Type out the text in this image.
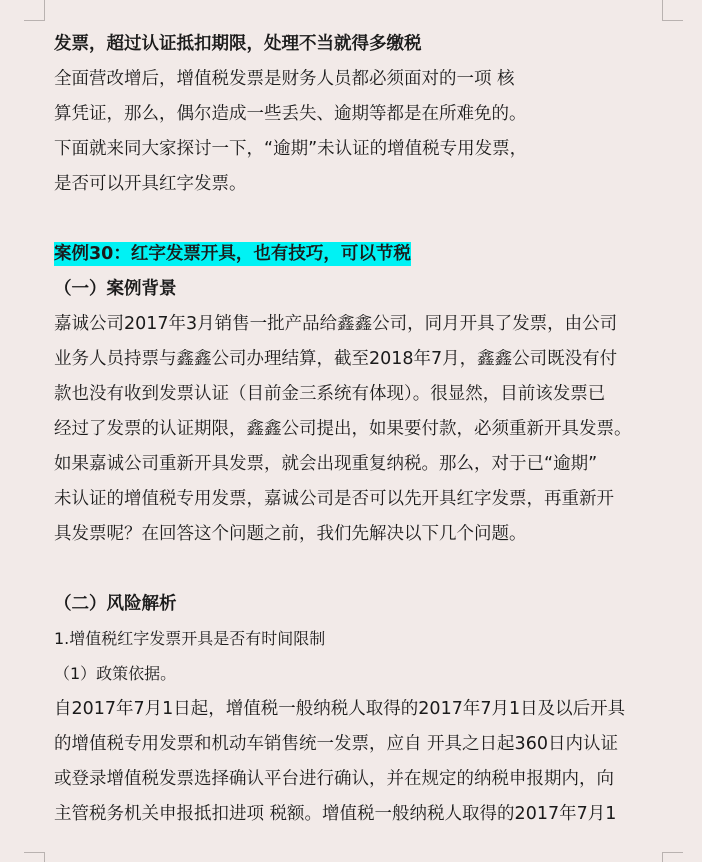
发票，超过认证抵扣期限，处理不当就得多缴税
全面营改增后，增值税发票是财务人员都必须面对的一项 核
算凭证，那么，偶尔造成一些丢失、逾期等都是在所难免的。
下面就来同大家探讨一下，“逾期”未认证的增值税专用发票，
是否可以开具红字发票。
案例30：红字发票开具，也有技巧，可以节税
（一）案例背景
嘉诚公司2017年3月销售一批产品给鑫鑫公司，同月开具了发票，由公司
业务人员持票与鑫鑫公司办理结算，截至2018年7月，鑫鑫公司既没有付
款也没有收到发票认证（目前金三系统有体现）。很显然，目前该发票已
经过了发票的认证期限，鑫鑫公司提出，如果要付款，必须重新开具发票。
如果嘉诚公司重新开具发票，就会出现重复纳税。那么，对于已“逾期”
未认证的增值税专用发票，嘉诚公司是否可以先开具红字发票，再重新开
具发票呢？在回答这个问题之前，我们先解决以下几个问题。
（二）风险解析
1.增值税红字发票开具是否有时间限制
（1）政策依据。
自2017年7月1日起，增值税一般纳税人取得的2017年7月1日及以后开具
的增值税专用发票和机动车销售统一发票，应自 开具之日起360日内认证
或登录增值税发票选择确认平台进行确认，并在规定的纳税申报期内，向
主管税务机关申报抵扣进项 税额。增值税一般纳税人取得的2017年7月1
